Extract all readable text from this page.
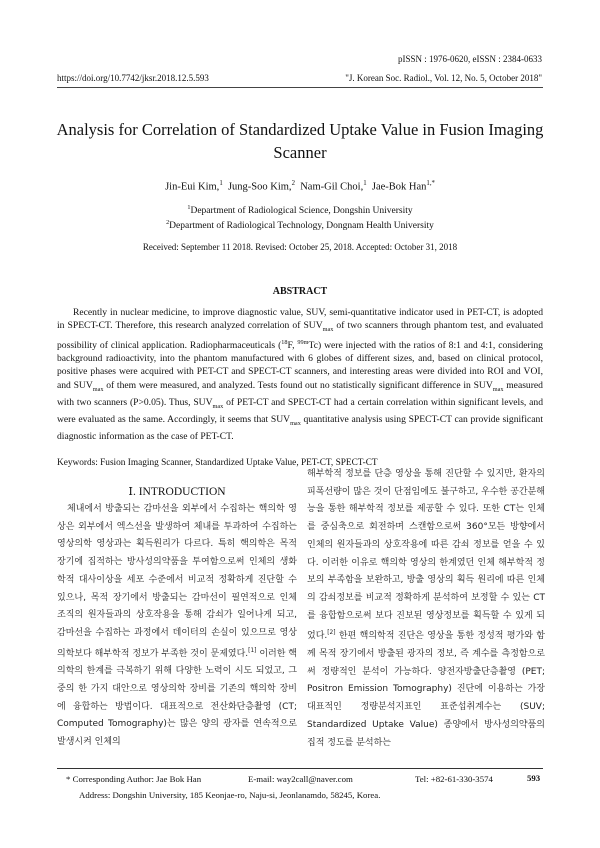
pISSN : 1976-0620, eISSN : 2384-0633
https://doi.org/10.7742/jksr.2018.12.5.593	"J. Korean Soc. Radiol., Vol. 12, No. 5, October 2018"
Analysis for Correlation of Standardized Uptake Value in Fusion Imaging
Scanner
Jin-Eui Kim,$^1$ Jung-Soo Kim,$^2$ Nam-Gil Choi,$^1$ Jae-Bok Han$^{1,*}$
$^1$Department of Radiological Science, Dongshin University
$^2$Department of Radiological Technology, Dongnam Health University
Received: September 11 2018. Revised: October 25, 2018. Accepted: October 31, 2018
ABSTRACT
Recently in nuclear medicine, to improve diagnostic value, SUV, semi-quantitative indicator used in PET-CT, is adopted in SPECT-CT. Therefore, this research analyzed correlation of $SUV_{max}$ of two scanners through phantom test, and evaluated possibility of clinical application. Radiopharmaceuticals ($^{18}$F, $^{99m}$Tc) were injected with the ratios of 8:1 and 4:1, considering background radioactivity, into the phantom manufactured with 6 globes of different sizes, and, based on clinical protocol, positive phases were acquired with PET-CT and SPECT-CT scanners, and interesting areas were divided into ROI and VOI, and $SUV_{max}$ of them were measured, and analyzed. Tests found out no statistically significant difference in $SUV_{max}$ measured with two scanners (P>0.05). Thus, $SUV_{max}$ of PET-CT and SPECT-CT had a certain correlation within significant levels, and were evaluated as the same. Accordingly, it seems that $SUV_{max}$ quantitative analysis using SPECT-CT can provide significant diagnostic information as the case of PET-CT.
Keywords: Fusion Imaging Scanner, Standardized Uptake Value, PET-CT, SPECT-CT
Ⅰ. INTRODUCTION

체내에서 방출되는 감마선을 외부에서 수집하는 핵의학 영상은 외부에서 엑스선을 발생하여 체내를 투과하여 수집하는 영상의학 영상과는 획득원리가 다르다. 특히 핵의학은 목적 장기에 집적하는 방사성의약품을 투여함으로써 인체의 생화학적 대사이상을 세포 수준에서 비교적 정확하게 진단할 수 있으나, 목적 장기에서 방출되는 감마선이 필연적으로 인체 조직의 원자들과의 상호작용을 통해 감쇠가 일어나게 되고, 감마선을 수집하는 과정에서 데이터의 손실이 있으므로 영상의학보다 해부학적 정보가 부족한 것이 문제였다.[1] 이러한 핵의학의 한계를 극복하기 위해 다양한 노력이 시도 되었고, 그중의 한 가지 대안으로 영상의학 장비를 기존의 핵의학 장비에 융합하는 방법이다. 대표적으로 전산화단층촬영 (CT; Computed Tomography)는 많은 양의 광자를 연속적으로 발생시켜 인체의

해부학적 정보를 단층 영상을 통해 진단할 수 있지만, 환자의 피폭선량이 많은 것이 단점임에도 불구하고, 우수한 공간분해능을 통한 해부학적 정보를 제공할 수 있다. 또한 CT는 인체를 중심축으로 회전하며 스캔함으로써 360°모든 방향에서 인체의 원자들과의 상호작용에 따른 감쇠 정보를 얻을 수 있다. 이러한 이유로 핵의학 영상의 한계였던 인체 해부학적 정보의 부족함을 보완하고, 방출 영상의 획득 원리에 따른 인체의 감쇠정보를 비교적 정확하게 분석하여 보정할 수 있는 CT를 융합함으로써 보다 진보된 영상정보를 획득할 수 있게 되었다.[2] 한편 핵의학적 진단은 영상을 통한 정성적 평가와 함께 목적 장기에서 방출된 광자의 정보, 즉 계수를 측정함으로써 정량적인 분석이 가능하다. 양전자방출단층촬영 (PET; Positron Emission Tomography) 진단에 이용하는 가장 대표적인 정량분석지표인 표준섭취계수는 (SUV; Standardized Uptake Value) 종양에서 방사성의약품의 집적 정도를 분석하는

* Corresponding Author: Jae Bok Han	E-mail: way2call@naver.com	Tel: +82-61-330-3574	593
Address: Dongshin University, 185 Keonjae-ro, Naju-si, Jeonlanamdo, 58245, Korea.
